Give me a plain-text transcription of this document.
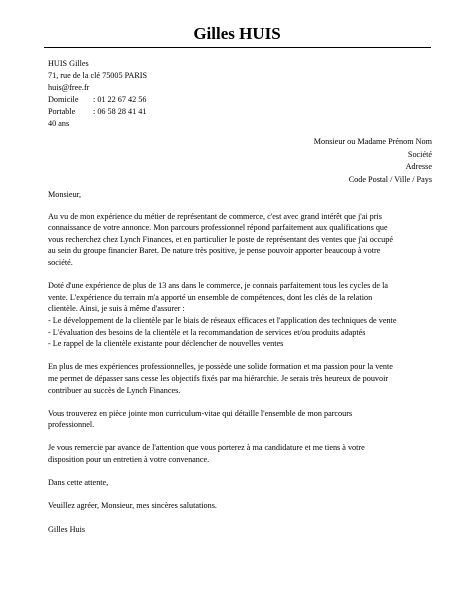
Gilles HUIS
HUIS Gilles
71, rue de la clé 75005 PARIS
huis@free.fr
Domicile : 01 22 67 42 56
Portable : 06 58 28 41 41
40 ans
Monsieur ou Madame Prénom Nom
Société
Adresse
Code Postal / Ville / Pays

Monsieur,

Au vu de mon expérience du métier de représentant de commerce, c'est avec grand intérêt que j'ai pris
connaissance de votre annonce. Mon parcours professionnel répond parfaitement aux qualifications que
vous recherchez chez Lynch Finances, et en particulier le poste de représentant des ventes que j'ai occupé
au sein du groupe financier Baret. De nature très positive, je pense pouvoir apporter beaucoup à votre
société.

Doté d'une expérience de plus de 13 ans dans le commerce, je connais parfaitement tous les cycles de la
vente. L'expérience du terrain m'a apporté un ensemble de compétences, dont les clés de la relation
clientèle. Ainsi, je suis à même d'assurer :
- Le développement de la clientèle par le biais de réseaux efficaces et l'application des techniques de vente
- L'évaluation des besoins de la clientèle et la recommandation de services et/ou produits adaptés
- Le rappel de la clientèle existante pour déclencher de nouvelles ventes

En plus de mes expériences professionnelles, je possède une solide formation et ma passion pour la vente
me permet de dépasser sans cesse les objectifs fixés par ma hiérarchie. Je serais très heureux de pouvoir
contribuer au succès de Lynch Finances.

Vous trouverez en pièce jointe mon curriculum-vitae qui détaille l'ensemble de mon parcours
professionnel.

Je vous remercie par avance de l'attention que vous porterez à ma candidature et me tiens à votre
disposition pour un entretien à votre convenance.

Dans cette attente,

Veuillez agréer, Monsieur, mes sincères salutations.

Gilles Huis
